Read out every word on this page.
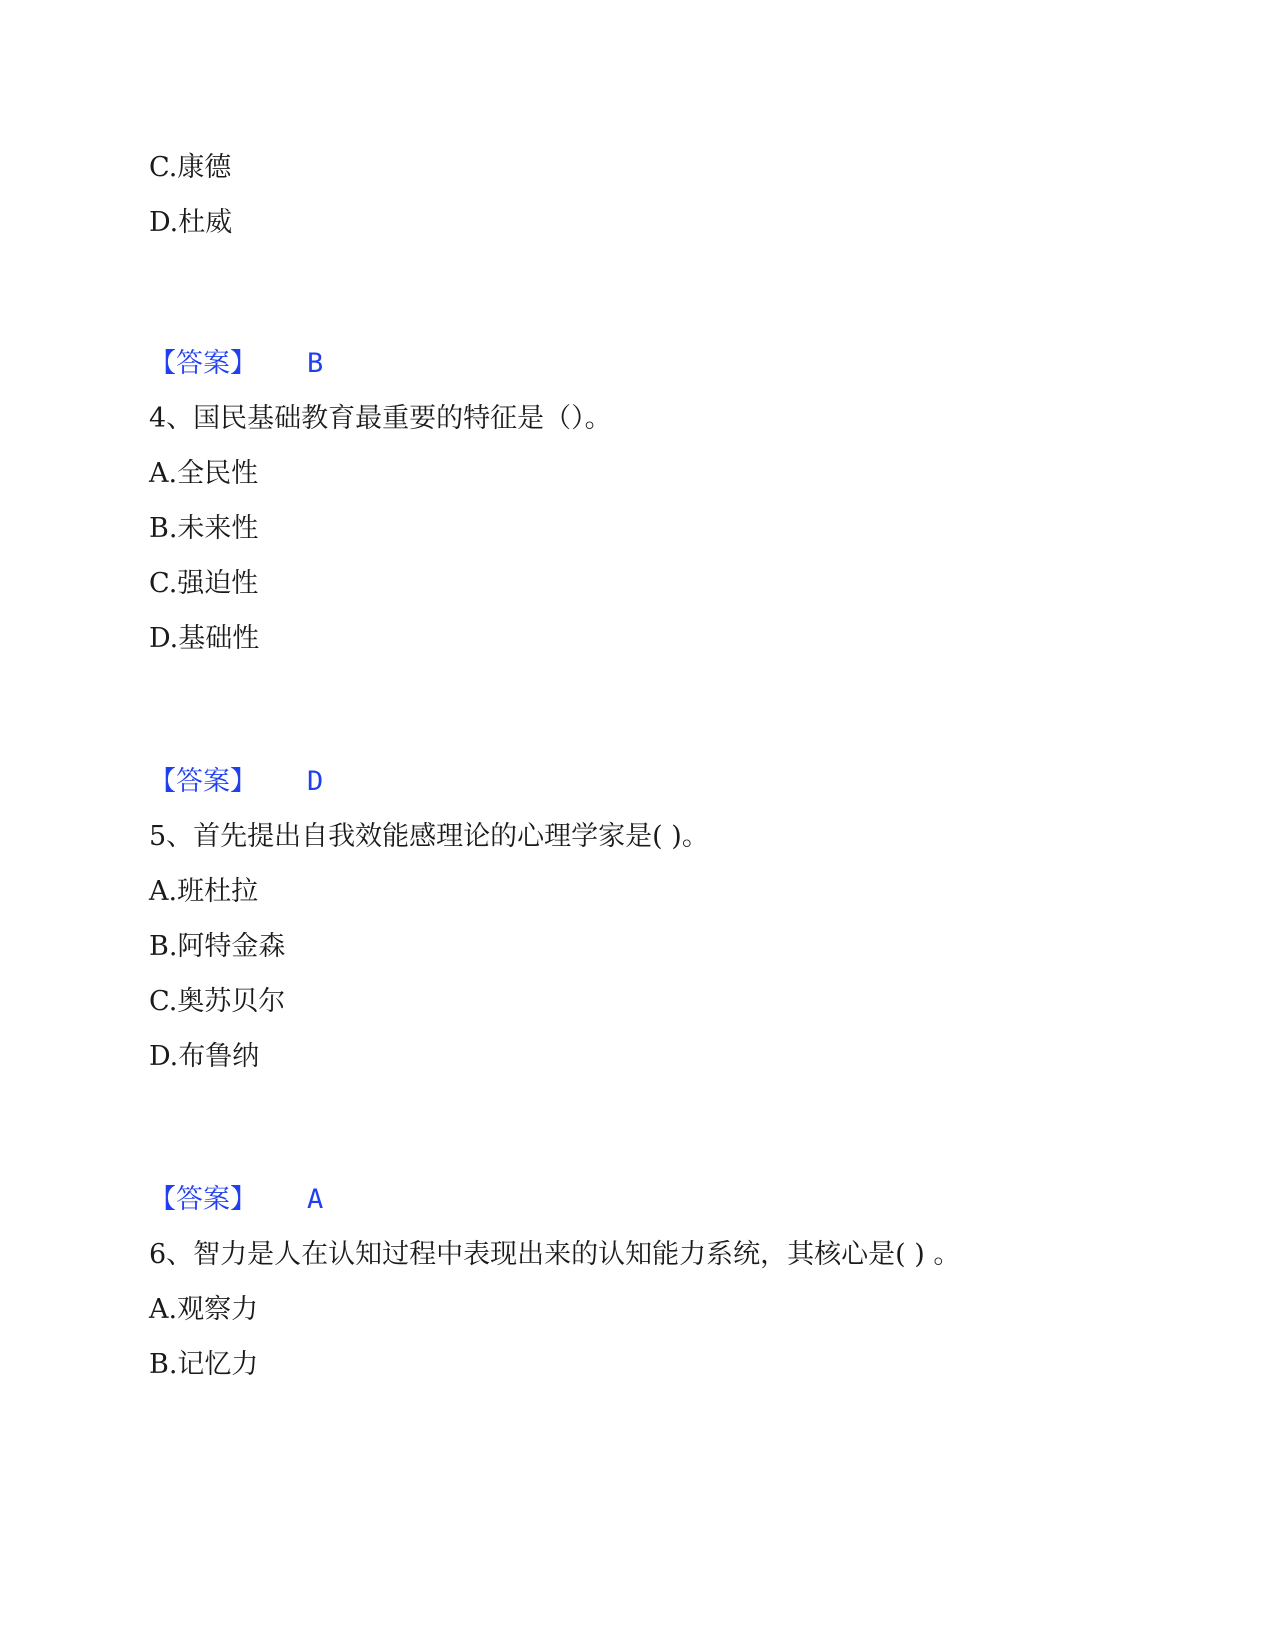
C.康德
D.杜威
【答案】 B
4、国民基础教育最重要的特征是（）。
A.全民性
B.未来性
C.强迫性
D.基础性
【答案】 D
5、首先提出自我效能感理论的心理学家是( )。
A.班杜拉
B.阿特金森
C.奥苏贝尔
D.布鲁纳
【答案】 A
6、智力是人在认知过程中表现出来的认知能力系统，其核心是( ) 。
A.观察力
B.记忆力
